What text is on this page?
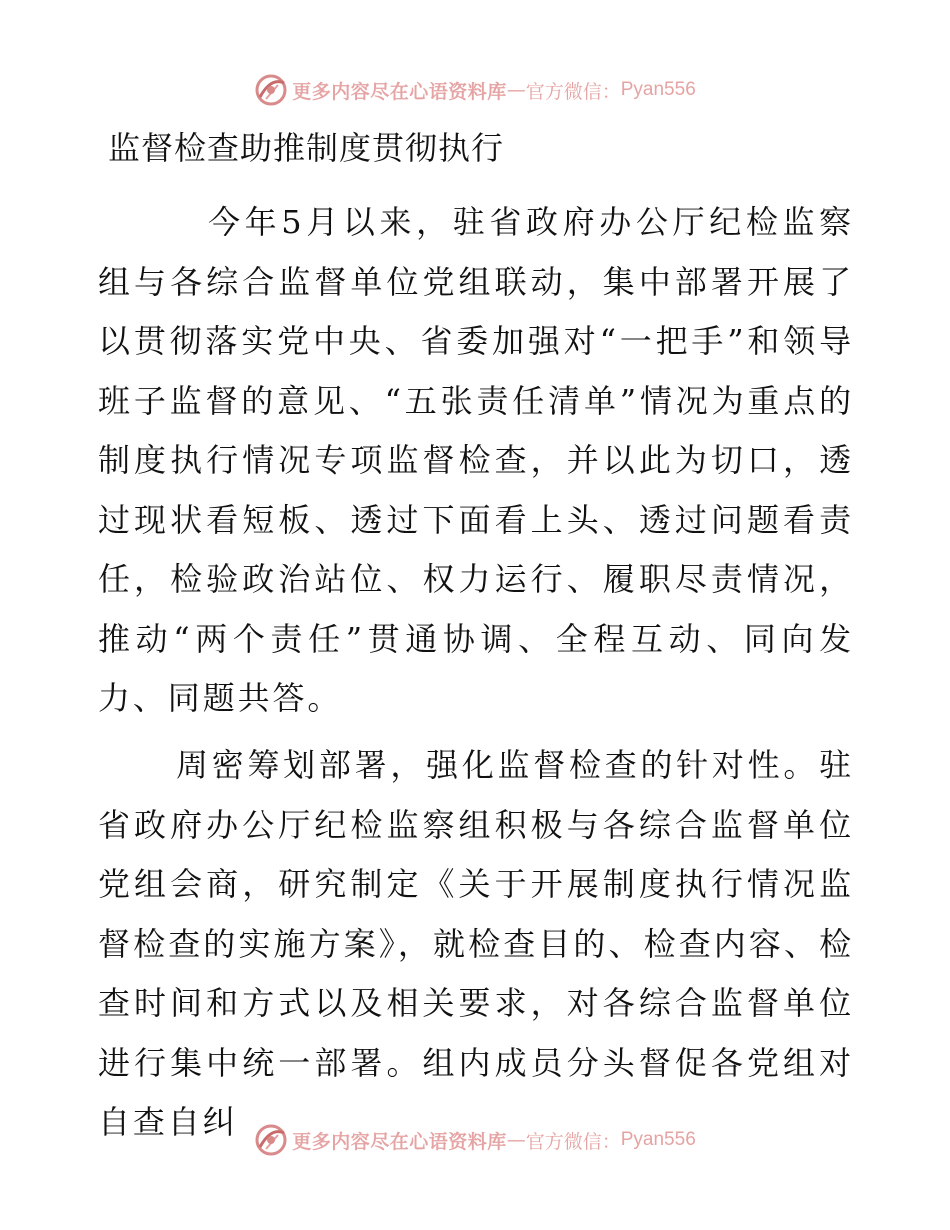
更多内容尽在心语资料库 — 官方微信： Pyan556
监督检查助推制度贯彻执行

今年5月以来，驻省政府办公厅纪检监察组与各综合监督单位党组联动，集中部署开展了以贯彻落实党中央、省委加强对“一把手”和领导班子监督的意见、“五张责任清单”情况为重点的制度执行情况专项监督检查，并以此为切口，透过现状看短板、透过下面看上头、透过问题看责任，检验政治站位、权力运行、履职尽责情况，推动“两个责任”贯通协调、全程互动、同向发力、同题共答。

周密筹划部署，强化监督检查的针对性。驻省政府办公厅纪检监察组积极与各综合监督单位党组会商，研究制定《关于开展制度执行情况监督检查的实施方案》，就检查目的、检查内容、检查时间和方式以及相关要求，对各综合监督单位进行集中统一部署。组内成员分头督促各党组对自查自纠

更多内容尽在心语资料库 — 官方微信： Pyan556
